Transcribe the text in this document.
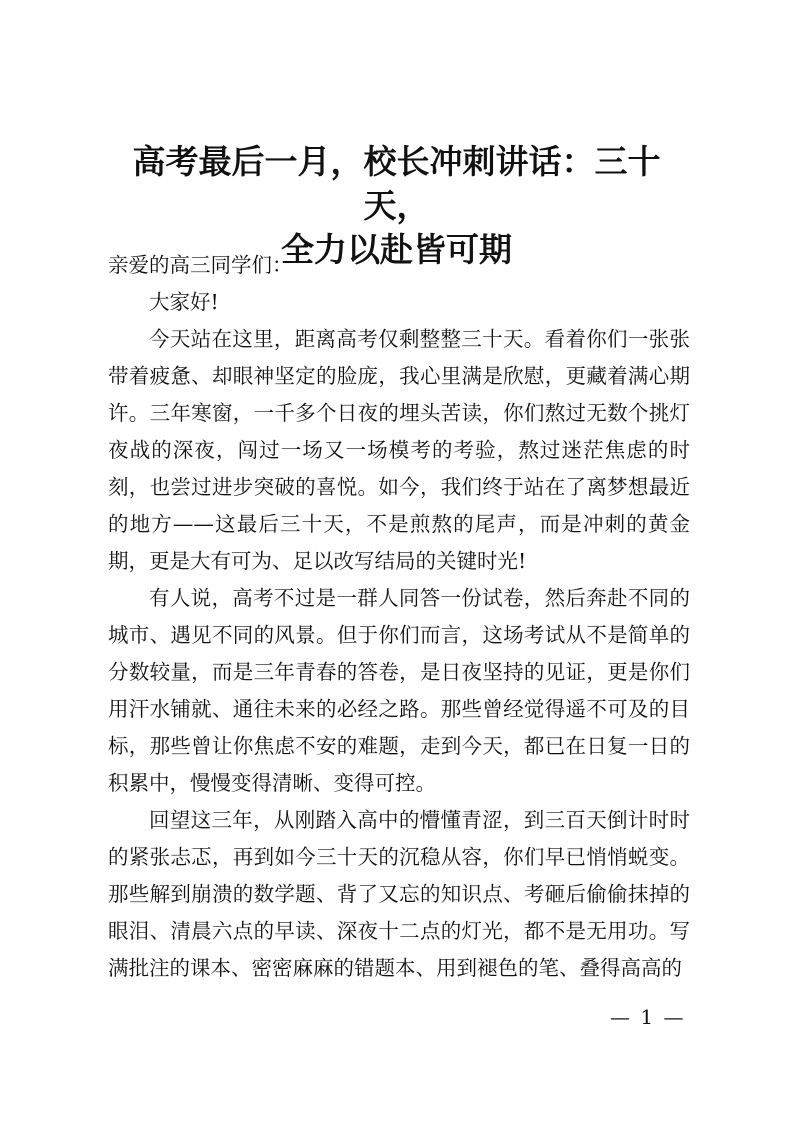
高考最后一月，校长冲刺讲话：三十天，
全力以赴皆可期

亲爱的高三同学们：

大家好!

今天站在这里，距离高考仅剩整整三十天。看着你们一张张带着疲惫、却眼神坚定的脸庞，我心里满是欣慰，更藏着满心期许。三年寒窗，一千多个日夜的埋头苦读，你们熬过无数个挑灯夜战的深夜，闯过一场又一场模考的考验，熬过迷茫焦虑的时刻，也尝过进步突破的喜悦。如今，我们终于站在了离梦想最近的地方——这最后三十天，不是煎熬的尾声，而是冲刺的黄金期，更是大有可为、足以改写结局的关键时光!

有人说，高考不过是一群人同答一份试卷，然后奔赴不同的城市、遇见不同的风景。但于你们而言，这场考试从不是简单的分数较量，而是三年青春的答卷，是日夜坚持的见证，更是你们用汗水铺就、通往未来的必经之路。那些曾经觉得遥不可及的目标，那些曾让你焦虑不安的难题，走到今天，都已在日复一日的积累中，慢慢变得清晰、变得可控。

回望这三年，从刚踏入高中的懵懂青涩，到三百天倒计时时的紧张忐忑，再到如今三十天的沉稳从容，你们早已悄悄蜕变。那些解到崩溃的数学题、背了又忘的知识点、考砸后偷偷抹掉的眼泪、清晨六点的早读、深夜十二点的灯光，都不是无用功。写满批注的课本、密密麻麻的错题本、用到褪色的笔、叠得高高的

— 1 —
